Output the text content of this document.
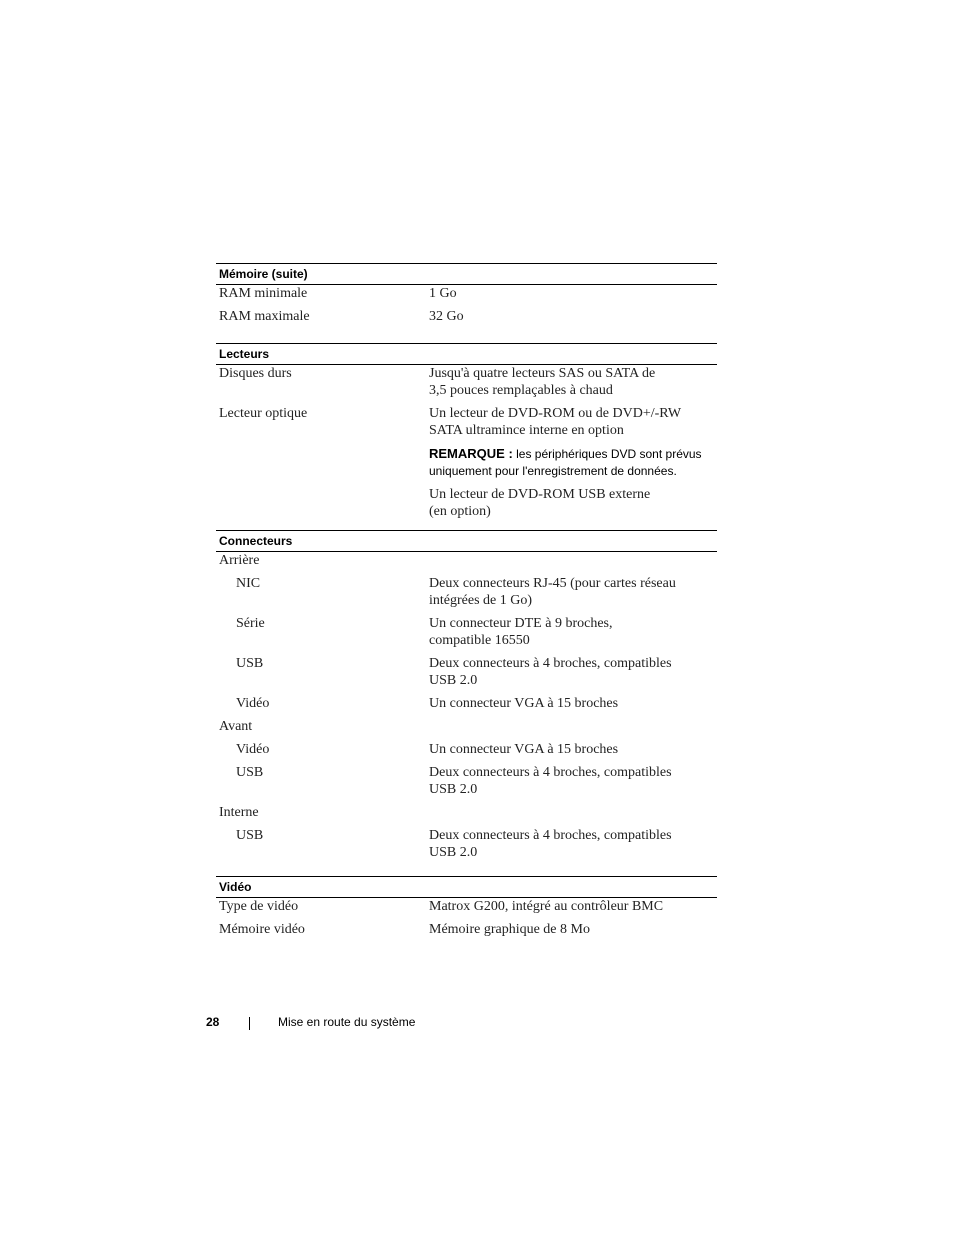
Mémoire (suite)
RAM minimale	1 Go
RAM maximale	32 Go
Lecteurs
Disques durs	Jusqu'à quatre lecteurs SAS ou SATA de
3,5 pouces remplaçables à chaud
Lecteur optique	Un lecteur de DVD-ROM ou de DVD+/-RW
SATA ultramince interne en option
REMARQUE : les périphériques DVD sont prévus
uniquement pour l'enregistrement de données.
Un lecteur de DVD-ROM USB externe
(en option)
Connecteurs
Arrière
NIC	Deux connecteurs RJ-45 (pour cartes réseau
intégrées de 1 Go)
Série	Un connecteur DTE à 9 broches,
compatible 16550
USB	Deux connecteurs à 4 broches, compatibles
USB 2.0
Vidéo	Un connecteur VGA à 15 broches
Avant
Vidéo	Un connecteur VGA à 15 broches
USB	Deux connecteurs à 4 broches, compatibles
USB 2.0
Interne
USB	Deux connecteurs à 4 broches, compatibles
USB 2.0
Vidéo
Type de vidéo	Matrox G200, intégré au contrôleur BMC
Mémoire vidéo	Mémoire graphique de 8 Mo
28	Mise en route du système
